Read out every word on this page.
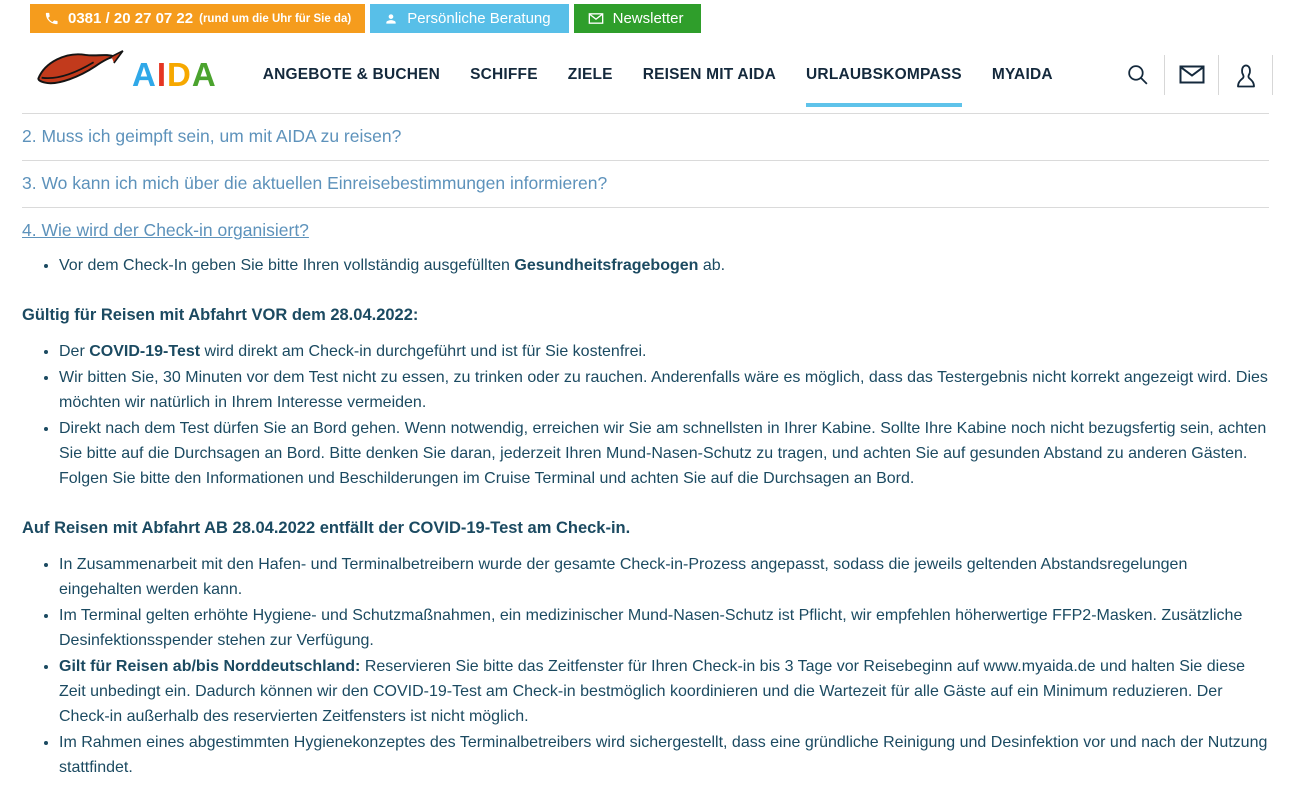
0381 / 20 27 07 22 (rund um die Uhr für Sie da)	Persönliche Beratung	Newsletter
AIDA	ANGEBOTE & BUCHEN SCHIFFE ZIELE REISEN MIT AIDA URLAUBSKOMPASS MYAIDA
2. Muss ich geimpft sein, um mit AIDA zu reisen?
3. Wo kann ich mich über die aktuellen Einreisebestimmungen informieren?
4. Wie wird der Check-in organisiert?
• Vor dem Check-In geben Sie bitte Ihren vollständig ausgefüllten Gesundheitsfragebogen ab.

Gültig für Reisen mit Abfahrt VOR dem 28.04.2022:

• Der COVID-19-Test wird direkt am Check-in durchgeführt und ist für Sie kostenfrei.
• Wir bitten Sie, 30 Minuten vor dem Test nicht zu essen, zu trinken oder zu rauchen. Anderenfalls wäre es möglich, dass das Testergebnis nicht korrekt angezeigt wird. Dies möchten wir natürlich in Ihrem Interesse vermeiden.
• Direkt nach dem Test dürfen Sie an Bord gehen. Wenn notwendig, erreichen wir Sie am schnellsten in Ihrer Kabine. Sollte Ihre Kabine noch nicht bezugsfertig sein, achten Sie bitte auf die Durchsagen an Bord. Bitte denken Sie daran, jederzeit Ihren Mund-Nasen-Schutz zu tragen, und achten Sie auf gesunden Abstand zu anderen Gästen. Folgen Sie bitte den Informationen und Beschilderungen im Cruise Terminal und achten Sie auf die Durchsagen an Bord.

Auf Reisen mit Abfahrt AB 28.04.2022 entfällt der COVID-19-Test am Check-in.

• In Zusammenarbeit mit den Hafen- und Terminalbetreibern wurde der gesamte Check-in-Prozess angepasst, sodass die jeweils geltenden Abstandsregelungen eingehalten werden kann.
• Im Terminal gelten erhöhte Hygiene- und Schutzmaßnahmen, ein medizinischer Mund-Nasen-Schutz ist Pflicht, wir empfehlen höherwertige FFP2-Masken. Zusätzliche Desinfektionsspender stehen zur Verfügung.
• Gilt für Reisen ab/bis Norddeutschland: Reservieren Sie bitte das Zeitfenster für Ihren Check-in bis 3 Tage vor Reisebeginn auf www.myaida.de und halten Sie diese Zeit unbedingt ein. Dadurch können wir den COVID-19-Test am Check-in bestmöglich koordinieren und die Wartezeit für alle Gäste auf ein Minimum reduzieren. Der Check-in außerhalb des reservierten Zeitfensters ist nicht möglich.
• Im Rahmen eines abgestimmten Hygienekonzeptes des Terminalbetreibers wird sichergestellt, dass eine gründliche Reinigung und Desinfektion vor und nach der Nutzung stattfindet.
